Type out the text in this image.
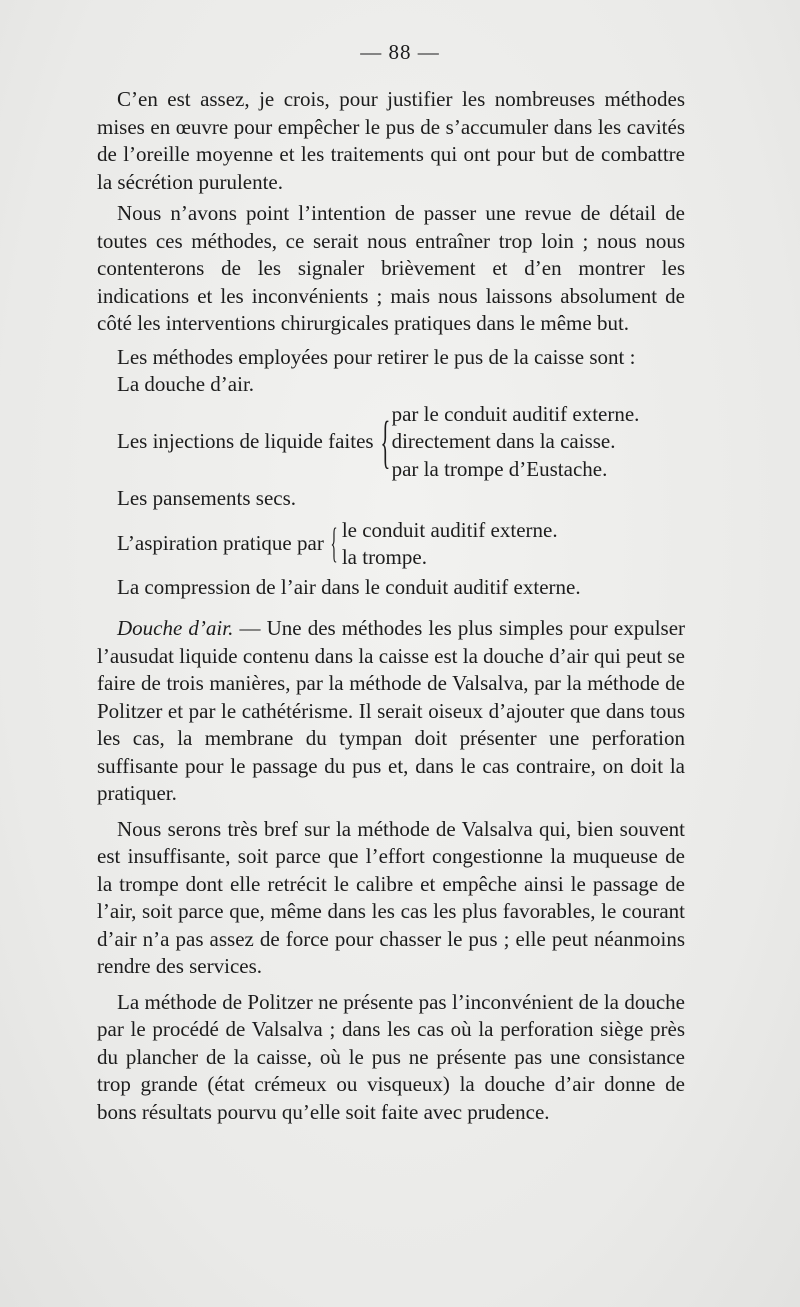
— 88 —

C’en est assez, je crois, pour justifier les nombreuses méthodes mises en œuvre pour empêcher le pus de s’accumuler dans les cavités de l’oreille moyenne et les traitements qui ont pour but de combattre la sécrétion purulente.

Nous n’avons point l’intention de passer une revue de détail de toutes ces méthodes, ce serait nous entraîner trop loin ; nous nous contenterons de les signaler brièvement et d’en montrer les indications et les inconvénients ; mais nous laissons absolument de côté les interventions chirurgicales pratiques dans le même but.

Les méthodes employées pour retirer le pus de la caisse sont :

La douche d’air.

Les injections de liquide faites { par le conduit auditif externe.
directement dans la caisse.
par la trompe d’Eustache.

Les pansements secs.

L’aspiration pratique par { le conduit auditif externe.
la trompe.

La compression de l’air dans le conduit auditif externe.

Douche d’air. — Une des méthodes les plus simples pour expulser l’ausudat liquide contenu dans la caisse est la douche d’air qui peut se faire de trois manières, par la méthode de Valsalva, par la méthode de Politzer et par le cathétérisme. Il serait oiseux d’ajouter que dans tous les cas, la membrane du tympan doit présenter une perforation suffisante pour le passage du pus et, dans le cas contraire, on doit la pratiquer.

Nous serons très bref sur la méthode de Valsalva qui, bien souvent est insuffisante, soit parce que l’effort congestionne la muqueuse de la trompe dont elle retrécit le calibre et empêche ainsi le passage de l’air, soit parce que, même dans les cas les plus favorables, le courant d’air n’a pas assez de force pour chasser le pus ; elle peut néanmoins rendre des services.

La méthode de Politzer ne présente pas l’inconvénient de la douche par le procédé de Valsalva ; dans les cas où la perforation siège près du plancher de la caisse, où le pus ne présente pas une consistance trop grande (état crémeux ou visqueux) la douche d’air donne de bons résultats pourvu qu’elle soit faite avec prudence.
